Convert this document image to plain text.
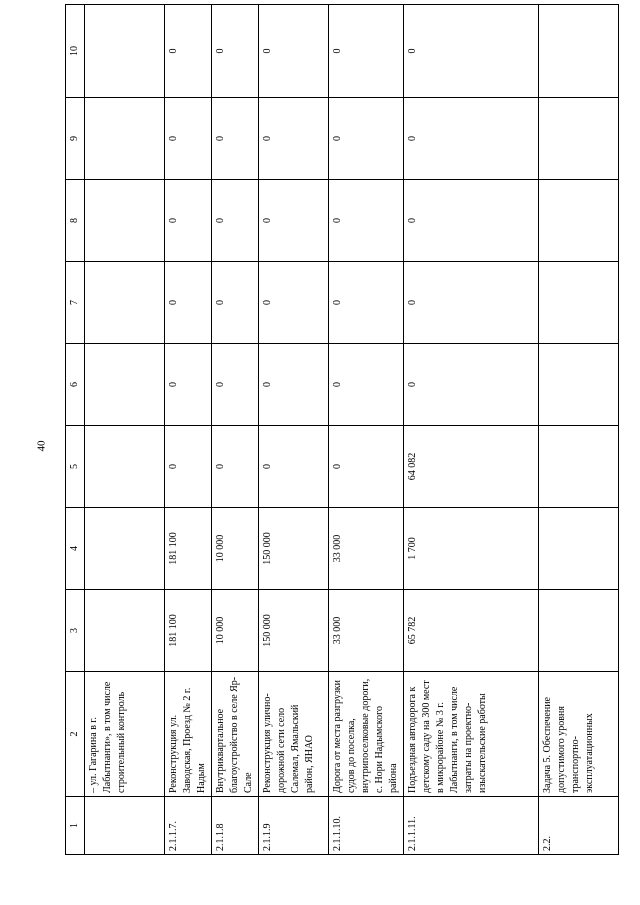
40
1	2	3	4	5	6	7	8	9	10
	– ул. Гагарина в г. Лабытнанги», в том числе строительный контроль								
2.1.1.7.	Реконструкция ул. Заводская, Проезд № 2 г. Надым	181 100	181 100	0	0	0	0	0	0
2.1.1.8	Внутриквартальное благоустройство в селе Яр-Сале	10 000	10 000	0	0	0	0	0	0
2.1.1.9	Реконструкция улично-дорожной сети село Салемал, Ямальский район, ЯНАО	150 000	150 000	0	0	0	0	0	0
2.1.1.10.	Дорога от места разгрузки судов до поселка, внутрипоселковые дороги, с. Нори Надымского района	33 000	33 000	0	0	0	0	0	0
2.1.1.11.	Подъездная автодорога к детскому саду на 300 мест в микрорайоне № 3 г. Лабытнанги, в том числе затраты на проектно-изыскательские работы	65 782	1 700	64 082	0	0	0	0	0
2.2.	Задача 5. Обеспечение допустимого уровня транспортно-эксплуатационных								
